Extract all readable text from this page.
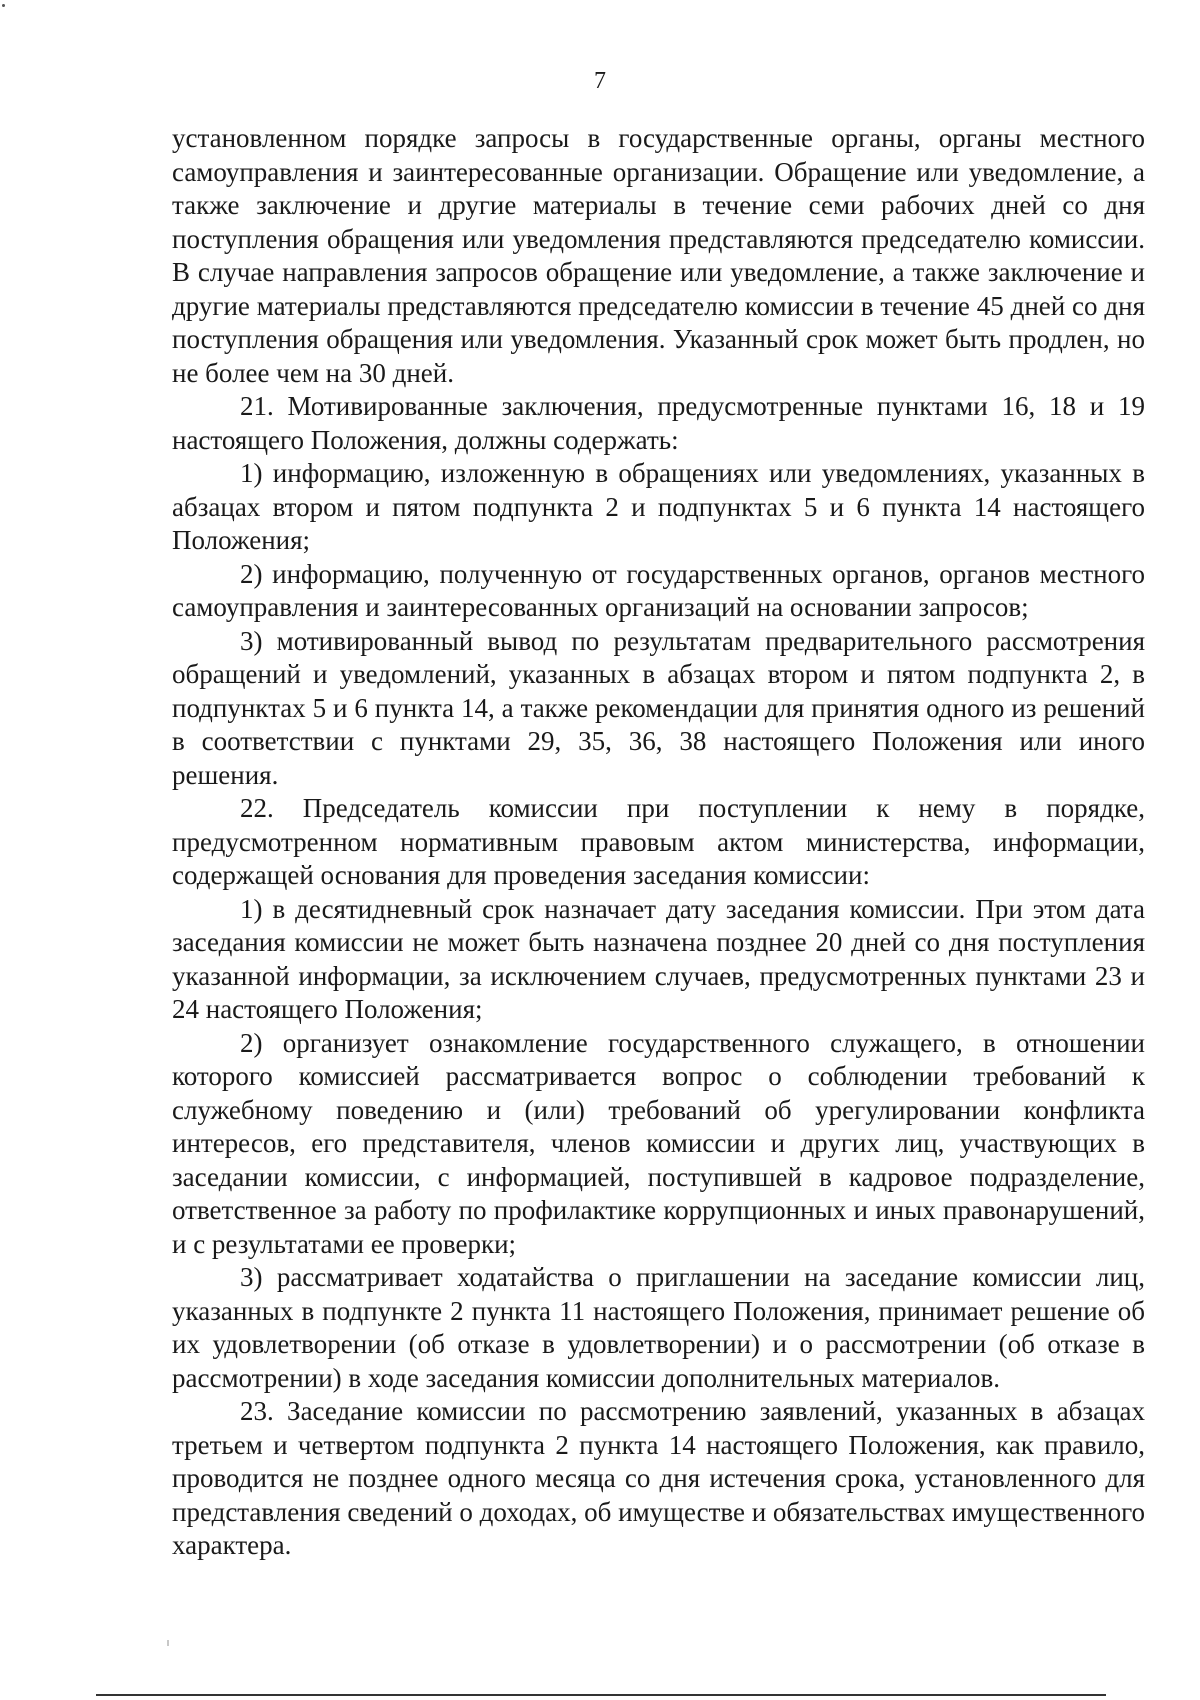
7

установленном порядке запросы в государственные органы, органы местного самоуправления и заинтересованные организации. Обращение или уведомление, а также заключение и другие материалы в течение семи рабочих дней со дня поступления обращения или уведомления представляются председателю комиссии. В случае направления запросов обращение или уведомление, а также заключение и другие материалы представляются председателю комиссии в течение 45 дней со дня поступления обращения или уведомления. Указанный срок может быть продлен, но не более чем на 30 дней.

21. Мотивированные заключения, предусмотренные пунктами 16, 18 и 19 настоящего Положения, должны содержать:

1) информацию, изложенную в обращениях или уведомлениях, указанных в абзацах втором и пятом подпункта 2 и подпунктах 5 и 6 пункта 14 настоящего Положения;

2) информацию, полученную от государственных органов, органов местного самоуправления и заинтересованных организаций на основании запросов;

3) мотивированный вывод по результатам предварительного рассмотрения обращений и уведомлений, указанных в абзацах втором и пятом подпункта 2, в подпунктах 5 и 6 пункта 14, а также рекомендации для принятия одного из решений в соответствии с пунктами 29, 35, 36, 38 настоящего Положения или иного решения.

22. Председатель комиссии при поступлении к нему в порядке, предусмотренном нормативным правовым актом министерства, информации, содержащей основания для проведения заседания комиссии:

1) в десятидневный срок назначает дату заседания комиссии. При этом дата заседания комиссии не может быть назначена позднее 20 дней со дня поступления указанной информации, за исключением случаев, предусмотренных пунктами 23 и 24 настоящего Положения;

2) организует ознакомление государственного служащего, в отношении которого комиссией рассматривается вопрос о соблюдении требований к служебному поведению и (или) требований об урегулировании конфликта интересов, его представителя, членов комиссии и других лиц, участвующих в заседании комиссии, с информацией, поступившей в кадровое подразделение, ответственное за работу по профилактике коррупционных и иных правонарушений, и с результатами ее проверки;

3) рассматривает ходатайства о приглашении на заседание комиссии лиц, указанных в подпункте 2 пункта 11 настоящего Положения, принимает решение об их удовлетворении (об отказе в удовлетворении) и о рассмотрении (об отказе в рассмотрении) в ходе заседания комиссии дополнительных материалов.

23. Заседание комиссии по рассмотрению заявлений, указанных в абзацах третьем и четвертом подпункта 2 пункта 14 настоящего Положения, как правило, проводится не позднее одного месяца со дня истечения срока, установленного для представления сведений о доходах, об имуществе и обязательствах имущественного характера.
